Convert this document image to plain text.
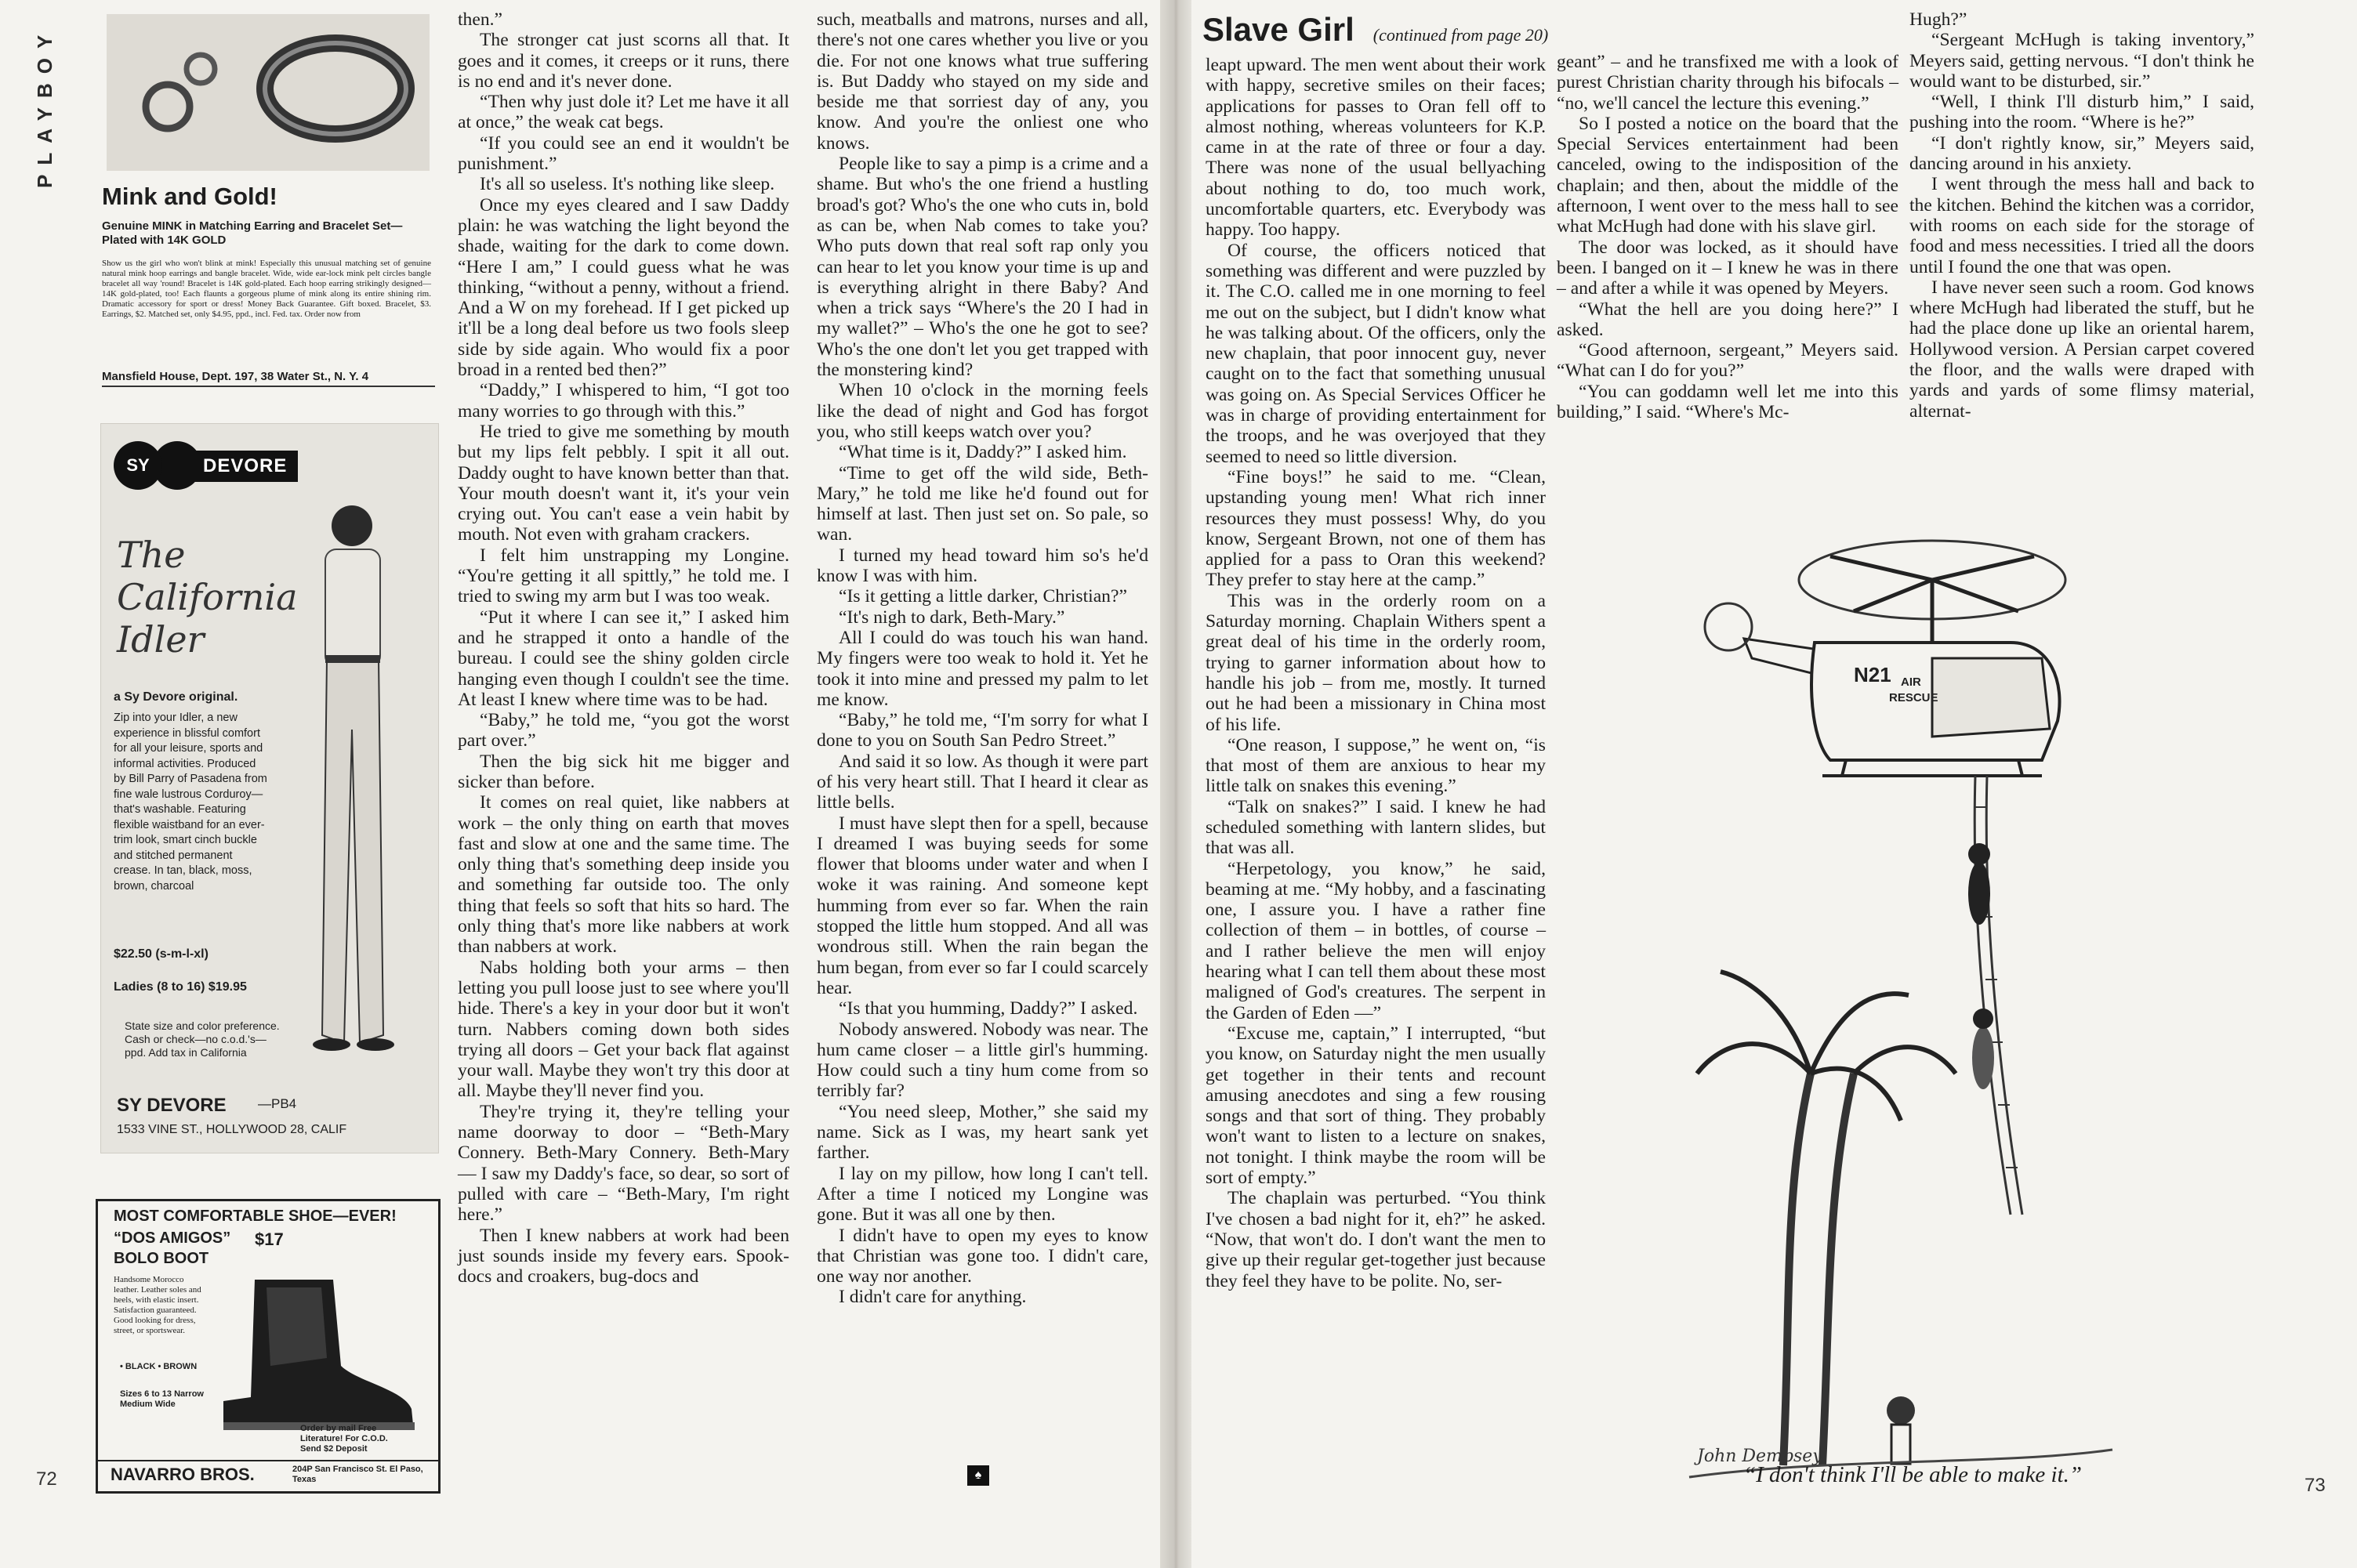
PLAYBOY
Mink and Gold!
Genuine MINK in Matching Earring and Bracelet Set—Plated with 14K GOLD
Show us the girl who won't blink at mink! Especially this unusual matching set of genuine natural mink hoop earrings and bangle bracelet. Wide, wide ear-lock mink pelt circles bangle bracelet all way 'round! Bracelet is 14K gold-plated. Each hoop earring strikingly designed—14K gold-plated, too! Each flaunts a gorgeous plume of mink along its entire shining rim. Dramatic accessory for sport or dress! Money Back Guarantee. Gift boxed. Bracelet, $3. Earrings, $2. Matched set, only $4.95, ppd., incl. Fed. tax. Order now from
Mansfield House, Dept. 197, 38 Water St., N. Y. 4
SY	DEVORE
The California Idler
a Sy Devore original.
Zip into your Idler, a new experience in blissful comfort for all your leisure, sports and informal activities. Produced by Bill Parry of Pasadena from fine wale lustrous Corduroy—that's washable. Featuring flexible waistband for an ever-trim look, smart cinch buckle and stitched permanent crease. In tan, black, moss, brown, charcoal
$22.50 (s-m-l-xl)
Ladies (8 to 16) $19.95
State size and color preference. Cash or check—no c.o.d.'s—ppd. Add tax in California
SY DEVORE —PB4
1533 VINE ST., HOLLYWOOD 28, CALIF
MOST COMFORTABLE SHOE—EVER!
“DOS AMIGOS” $17
BOLO BOOT
Handsome Morocco leather. Leather soles and heels, with elastic insert. Satisfaction guaranteed. Good looking for dress, street, or sportswear.
• BLACK • BROWN
Sizes 6 to 13 Narrow Medium Wide
Order by mail Free Literature! For C.O.D. Send $2 Deposit
NAVARRO BROS.	204P San Francisco St. El Paso, Texas
72

then.”

The stronger cat just scorns all that. It goes and it comes, it creeps or it runs, there is no end and it's never done.

“Then why just dole it? Let me have it all at once,” the weak cat begs.

“If you could see an end it wouldn't be punishment.”

It's all so useless. It's nothing like sleep.

Once my eyes cleared and I saw Daddy plain: he was watching the light beyond the shade, waiting for the dark to come down. “Here I am,” I could guess what he was thinking, “without a penny, without a friend. And a W on my forehead. If I get picked up it'll be a long deal before us two fools sleep side by side again. Who would fix a poor broad in a rented bed then?”

“Daddy,” I whispered to him, “I got too many worries to go through with this.”

He tried to give me something by mouth but my lips felt pebbly. I spit it all out. Daddy ought to have known better than that. Your mouth doesn't want it, it's your vein crying out. You can't ease a vein habit by mouth. Not even with graham crackers.

I felt him unstrapping my Longine. “You're getting it all spittly,” he told me. I tried to swing my arm but I was too weak.

“Put it where I can see it,” I asked him and he strapped it onto a handle of the bureau. I could see the shiny golden circle hanging even though I couldn't see the time. At least I knew where time was to be had.

“Baby,” he told me, “you got the worst part over.”

Then the big sick hit me bigger and sicker than before.

It comes on real quiet, like nabbers at work – the only thing on earth that moves fast and slow at one and the same time. The only thing that's something deep inside you and something far outside too. The only thing that feels so soft that hits so hard. The only thing that's more like nabbers at work than nabbers at work.

Nabs holding both your arms – then letting you pull loose just to see where you'll hide. There's a key in your door but it won't turn. Nabbers coming down both sides trying all doors – Get your back flat against your wall. Maybe they won't try this door at all. Maybe they'll never find you.

They're trying it, they're telling your name doorway to door – “Beth-Mary Connery. Beth-Mary Connery. Beth-Mary — I saw my Daddy's face, so dear, so sort of pulled with care – “Beth-Mary, I'm right here.”

Then I knew nabbers at work had been just sounds inside my fevery ears. Spook-docs and croakers, bug-docs and

such, meatballs and matrons, nurses and all, there's not one cares whether you live or you die. For not one knows what true suffering is. But Daddy who stayed on my side and beside me that sorriest day of any, you know. And you're the onliest one who knows.

People like to say a pimp is a crime and a shame. But who's the one friend a hustling broad's got? Who's the one who cuts in, bold as can be, when Nab comes to take you? Who puts down that real soft rap only you can hear to let you know your time is up and is everything alright in there Baby? And when a trick says “Where's the 20 I had in my wallet?” – Who's the one he got to see? Who's the one don't let you get trapped with the monstering kind?

When 10 o'clock in the morning feels like the dead of night and God has forgot you, who still keeps watch over you?

“What time is it, Daddy?” I asked him.

“Time to get off the wild side, Beth-Mary,” he told me like he'd found out for himself at last. Then just set on. So pale, so wan.

I turned my head toward him so's he'd know I was with him.

“Is it getting a little darker, Christian?”

“It's nigh to dark, Beth-Mary.”

All I could do was touch his wan hand. My fingers were too weak to hold it. Yet he took it into mine and pressed my palm to let me know.

“Baby,” he told me, “I'm sorry for what I done to you on South San Pedro Street.”

And said it so low. As though it were part of his very heart still. That I heard it clear as little bells.

I must have slept then for a spell, because I dreamed I was buying seeds for some flower that blooms under water and when I woke it was raining. And someone kept humming from ever so far. When the rain stopped the little hum stopped. And all was wondrous still. When the rain began the hum began, from ever so far I could scarcely hear.

“Is that you humming, Daddy?” I asked.

Nobody answered. Nobody was near. The hum came closer – a little girl's humming. How could such a tiny hum come from so terribly far?

“You need sleep, Mother,” she said my name. Sick as I was, my heart sank yet farther.

I lay on my pillow, how long I can't tell. After a time I noticed my Longine was gone. But it was all one by then.

I didn't have to open my eyes to know that Christian was gone too. I didn't care, one way nor another.

I didn't care for anything.

♠
Slave Girl (continued from page 20)

leapt upward. The men went about their work with happy, secretive smiles on their faces; applications for passes to Oran fell off to almost nothing, whereas volunteers for K.P. came in at the rate of three or four a day. There was none of the usual bellyaching about nothing to do, too much work, uncomfortable quarters, etc. Everybody was happy. Too happy.

Of course, the officers noticed that something was different and were puzzled by it. The C.O. called me in one morning to feel me out on the subject, but I didn't know what he was talking about. Of the officers, only the new chaplain, that poor innocent guy, never caught on to the fact that something unusual was going on. As Special Services Officer he was in charge of providing entertainment for the troops, and he was overjoyed that they seemed to need so little diversion.

“Fine boys!” he said to me. “Clean, upstanding young men! What rich inner resources they must possess! Why, do you know, Sergeant Brown, not one of them has applied for a pass to Oran this weekend? They prefer to stay here at the camp.”

This was in the orderly room on a Saturday morning. Chaplain Withers spent a great deal of his time in the orderly room, trying to garner information about how to handle his job – from me, mostly. It turned out he had been a missionary in China most of his life.

“One reason, I suppose,” he went on, “is that most of them are anxious to hear my little talk on snakes this evening.”

“Talk on snakes?” I said. I knew he had scheduled something with lantern slides, but that was all.

“Herpetology, you know,” he said, beaming at me. “My hobby, and a fascinating one, I assure you. I have a rather fine collection of them – in bottles, of course – and I rather believe the men will enjoy hearing what I can tell them about these most maligned of God's creatures. The serpent in the Garden of Eden —”

“Excuse me, captain,” I interrupted, “but you know, on Saturday night the men usually get together in their tents and recount amusing anecdotes and sing a few rousing songs and that sort of thing. They probably won't want to listen to a lecture on snakes, not tonight. I think maybe the room will be sort of empty.”

The chaplain was perturbed. “You think I've chosen a bad night for it, eh?” he asked. “Now, that won't do. I don't want the men to give up their regular get-together just because they feel they have to be polite. No, ser-

geant” – and he transfixed me with a look of purest Christian charity through his bifocals – “no, we'll cancel the lecture this evening.”

So I posted a notice on the board that the Special Services entertainment had been canceled, owing to the indisposition of the chaplain; and then, about the middle of the afternoon, I went over to the mess hall to see what McHugh had done with his slave girl.

The door was locked, as it should have been. I banged on it – I knew he was in there – and after a while it was opened by Meyers.

“What the hell are you doing here?” I asked.

“Good afternoon, sergeant,” Meyers said. “What can I do for you?”

“You can goddamn well let me into this building,” I said. “Where's Mc-

Hugh?”

“Sergeant McHugh is taking inventory,” Meyers said, getting nervous. “I don't think he would want to be disturbed, sir.”

“Well, I think I'll disturb him,” I said, pushing into the room. “Where is he?”

“I don't rightly know, sir,” Meyers said, dancing around in his anxiety.

I went through the mess hall and back to the kitchen. Behind the kitchen was a corridor, with rooms on each side for the storage of food and mess necessities. I tried all the doors until I found the one that was open.

I have never seen such a room. God knows where McHugh had liberated the stuff, but he had the place done up like an oriental harem, Hollywood version. A Persian carpet covered the floor, and the walls were draped with yards and yards of some flimsy material, alternat-

N21 AIR
RESCUE
John Dempsey
“I don't think I'll be able to make it.”	73
